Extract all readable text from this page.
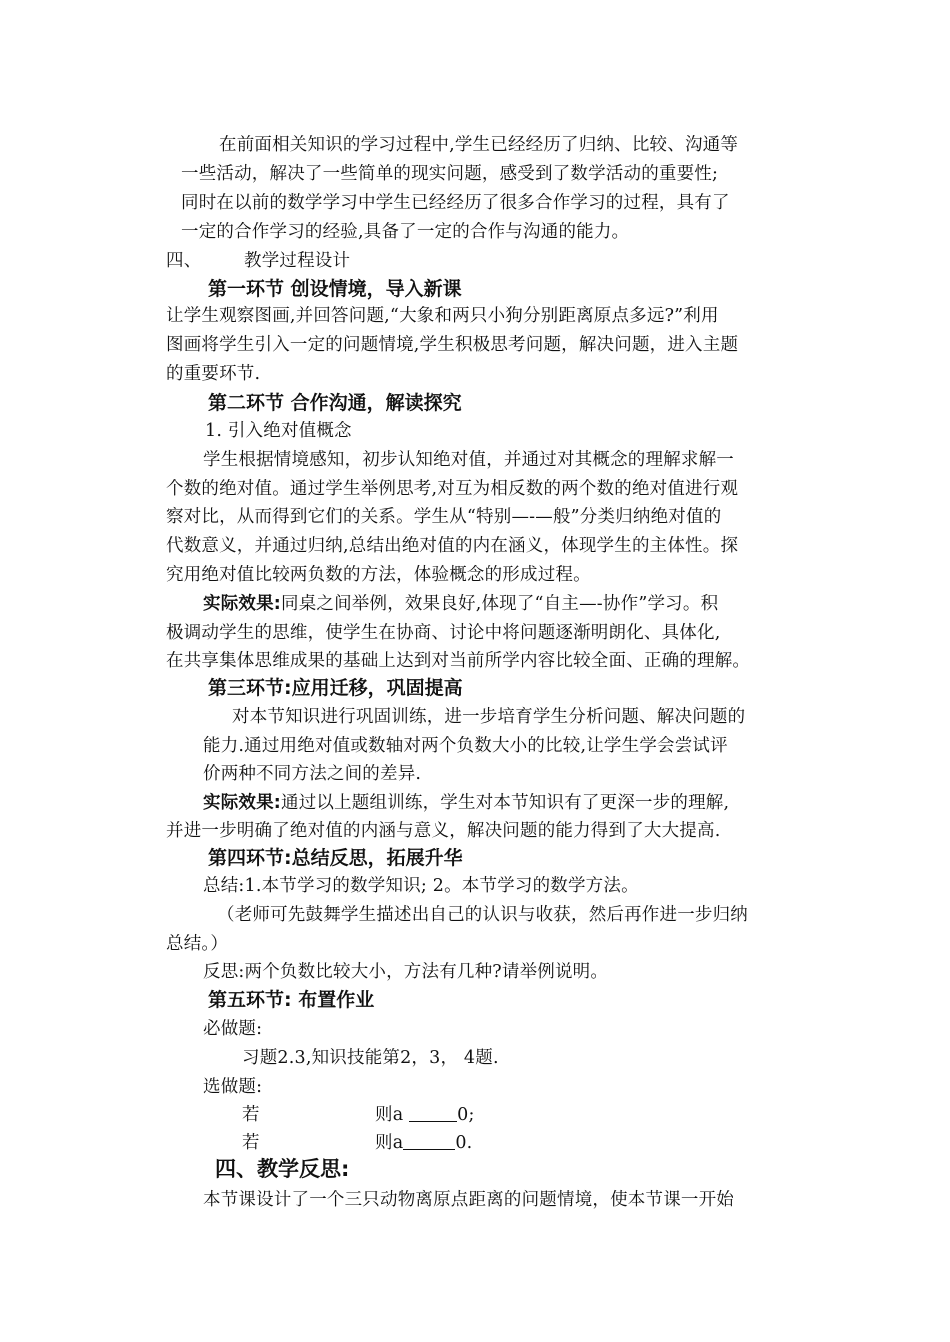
在前面相关知识的学习过程中,学生已经经历了归纳、比较、沟通等
一些活动，解决了一些简单的现实问题，感受到了数学活动的重要性;
同时在以前的数学学习中学生已经经历了很多合作学习的过程，具有了
一定的合作学习的经验,具备了一定的合作与沟通的能力。
四、 教学过程设计
第一环节 创设情境，导入新课
让学生观察图画,并回答问题,“大象和两只小狗分别距离原点多远?”利用
图画将学生引入一定的问题情境,学生积极思考问题，解决问题，进入主题
的重要环节.
第二环节 合作沟通，解读探究
1. 引入绝对值概念
学生根据情境感知，初步认知绝对值，并通过对其概念的理解求解一
个数的绝对值。通过学生举例思考,对互为相反数的两个数的绝对值进行观
察对比，从而得到它们的关系。学生从“特别—-—般”分类归纳绝对值的
代数意义，并通过归纳,总结出绝对值的内在涵义，体现学生的主体性。探
究用绝对值比较两负数的方法，体验概念的形成过程。
实际效果:同桌之间举例，效果良好,体现了“自主—-协作”学习。积
极调动学生的思维，使学生在协商、讨论中将问题逐渐明朗化、具体化,
在共享集体思维成果的基础上达到对当前所学内容比较全面、正确的理解。
第三环节:应用迁移，巩固提高
对本节知识进行巩固训练，进一步培育学生分析问题、解决问题的
能力.通过用绝对值或数轴对两个负数大小的比较,让学生学会尝试评
价两种不同方法之间的差异.
实际效果:通过以上题组训练，学生对本节知识有了更深一步的理解,
并进一步明确了绝对值的内涵与意义，解决问题的能力得到了大大提高.
第四环节:总结反思，拓展升华
总结:1.本节学习的数学知识; 2。本节学习的数学方法。
（老师可先鼓舞学生描述出自己的认识与收获，然后再作进一步归纳
总结。）
反思:两个负数比较大小，方法有几种?请举例说明。
第五环节: 布置作业
必做题:
习题2.3,知识技能第2，3， 4题.
选做题:
若	则a	0;
若	则a	0.
四、教学反思:
本节课设计了一个三只动物离原点距离的问题情境，使本节课一开始
